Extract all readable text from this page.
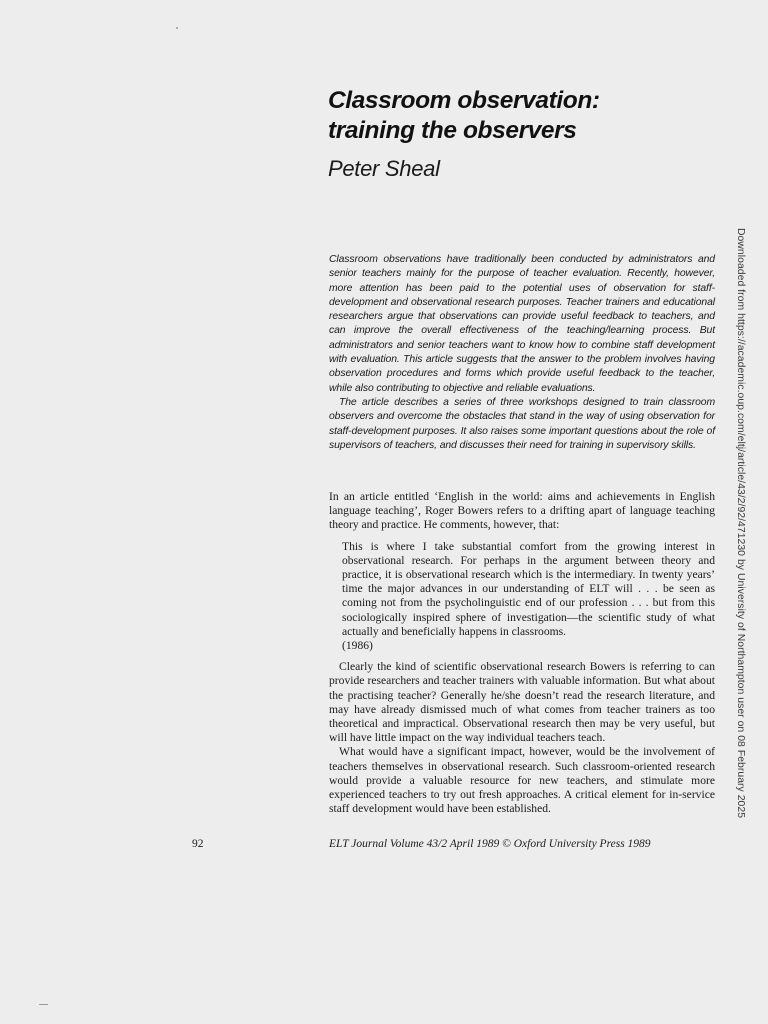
Classroom observation:
training the observers
Peter Sheal

Classroom observations have traditionally been conducted by administrators and senior teachers mainly for the purpose of teacher evaluation. Recently, however, more attention has been paid to the potential uses of observation for staff-development and observational research purposes. Teacher trainers and educational researchers argue that observations can provide useful feedback to teachers, and can improve the overall effectiveness of the teaching/learning process. But administrators and senior teachers want to know how to combine staff development with evaluation. This article suggests that the answer to the problem involves having observation procedures and forms which provide useful feedback to the teacher, while also contributing to objective and reliable evaluations.

The article describes a series of three workshops designed to train classroom observers and overcome the obstacles that stand in the way of using observation for staff-development purposes. It also raises some important questions about the role of supervisors of teachers, and discusses their need for training in supervisory skills.

In an article entitled ‘English in the world: aims and achievements in English language teaching’, Roger Bowers refers to a drifting apart of language teaching theory and practice. He comments, however, that:

This is where I take substantial comfort from the growing interest in observational research. For perhaps in the argument between theory and practice, it is observational research which is the intermediary. In twenty years’ time the major advances in our understanding of ELT will . . . be seen as coming not from the psycholinguistic end of our profession . . . but from this sociologically inspired sphere of investigation—the scientific study of what actually and beneficially happens in classrooms.
(1986)

Clearly the kind of scientific observational research Bowers is referring to can provide researchers and teacher trainers with valuable information. But what about the practising teacher? Generally he/she doesn’t read the research literature, and may have already dismissed much of what comes from teacher trainers as too theoretical and impractical. Observational research then may be very useful, but will have little impact on the way individual teachers teach.

What would have a significant impact, however, would be the involvement of teachers themselves in observational research. Such classroom-oriented research would provide a valuable resource for new teachers, and stimulate more experienced teachers to try out fresh approaches. A critical element for in-service staff development would have been established.

92	ELT Journal Volume 43/2 April 1989 © Oxford University Press 1989
Downloaded from https://academic.oup.com/eltj/article/43/2/92/471230 by University of Northampton user on 08 February 2025
